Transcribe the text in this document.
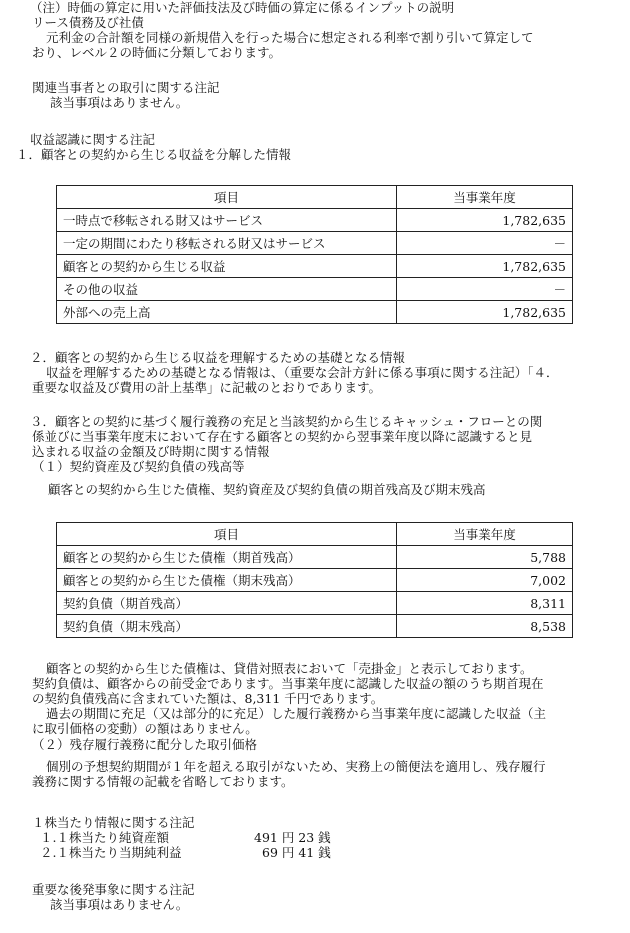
（注）時価の算定に用いた評価技法及び時価の算定に係るインプットの説明
リース債務及び社債
元利金の合計額を同様の新規借入を行った場合に想定される利率で割り引いて算定して
おり、レベル２の時価に分類しております。
関連当事者との取引に関する注記
該当事項はありません。
収益認識に関する注記
１．顧客との契約から生じる収益を分解した情報
項目	当事業年度
一時点で移転される財又はサービス	1,782,635
一定の期間にわたり移転される財又はサービス	－
顧客との契約から生じる収益	1,782,635
その他の収益	－
外部への売上高	1,782,635
２．顧客との契約から生じる収益を理解するための基礎となる情報
収益を理解するための基礎となる情報は、（重要な会計方針に係る事項に関する注記）「４．
重要な収益及び費用の計上基準」に記載のとおりであります。
３．顧客との契約に基づく履行義務の充足と当該契約から生じるキャッシュ・フローとの関
係並びに当事業年度末において存在する顧客との契約から翌事業年度以降に認識すると見
込まれる収益の金額及び時期に関する情報
（１）契約資産及び契約負債の残高等
顧客との契約から生じた債権、契約資産及び契約負債の期首残高及び期末残高
項目	当事業年度
顧客との契約から生じた債権（期首残高）	5,788
顧客との契約から生じた債権（期末残高）	7,002
契約負債（期首残高）	8,311
契約負債（期末残高）	8,538
顧客との契約から生じた債権は、貸借対照表において「売掛金」と表示しております。
契約負債は、顧客からの前受金であります。当事業年度に認識した収益の額のうち期首現在
の契約負債残高に含まれていた額は、8,311 千円であります。
過去の期間に充足（又は部分的に充足）した履行義務から当事業年度に認識した収益（主
に取引価格の変動）の額はありません。
（２）残存履行義務に配分した取引価格
個別の予想契約期間が１年を超える取引がないため、実務上の簡便法を適用し、残存履行
義務に関する情報の記載を省略しております。
１株当たり情報に関する注記
１.１株当たり純資産額	491 円 23 銭
２.１株当たり当期純利益	69 円 41 銭
重要な後発事象に関する注記
該当事項はありません。
